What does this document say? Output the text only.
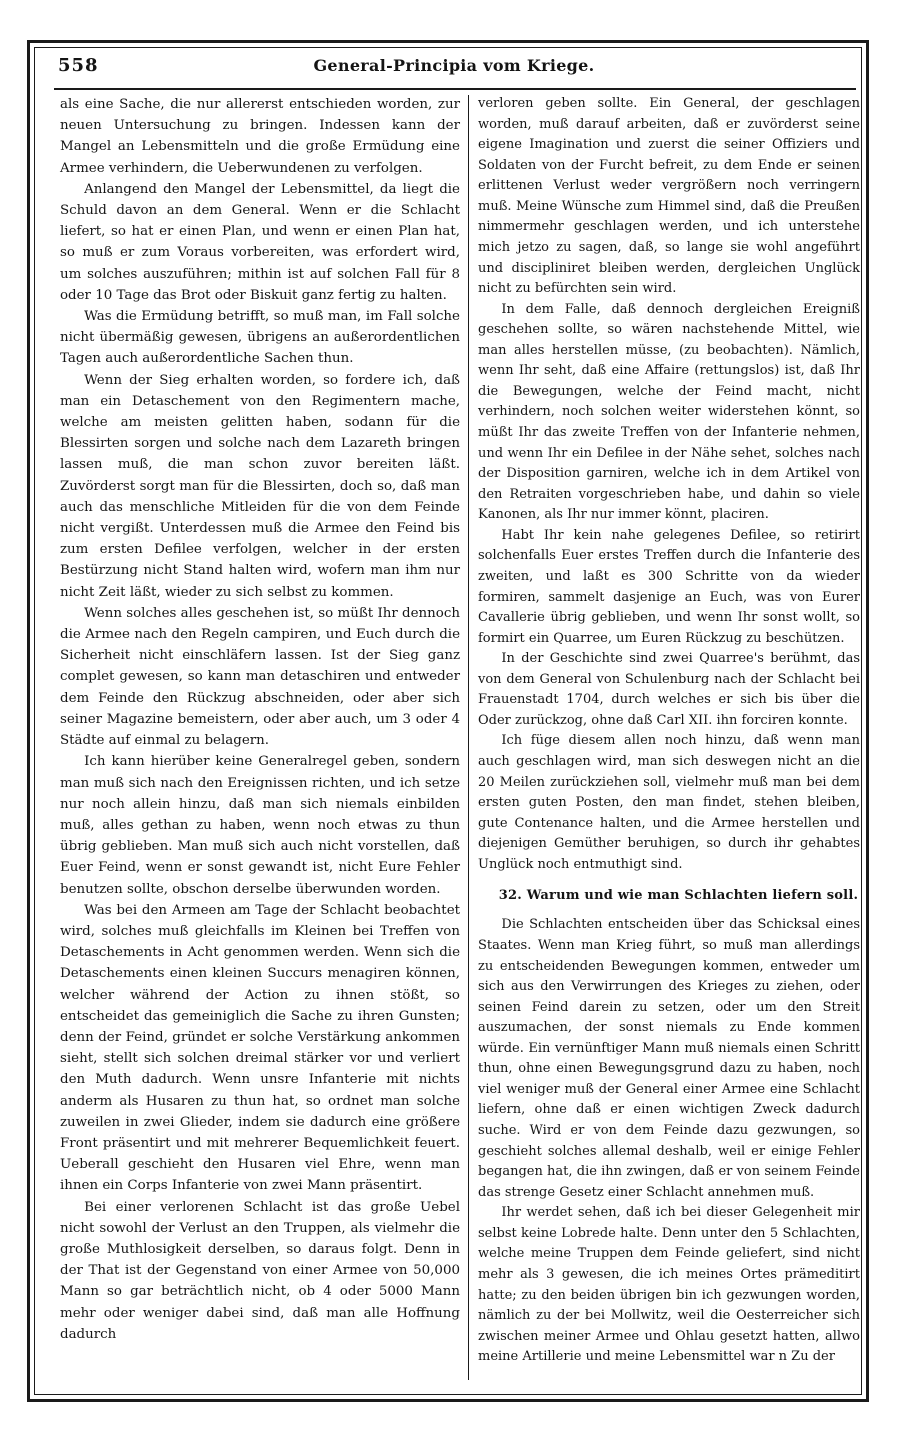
558	General-Principia vom Kriege.

als eine Sache, die nur allererst entschieden worden, zur neuen Untersuchung zu bringen. Indessen kann der Mangel an Lebensmitteln und die große Ermüdung eine Armee verhindern, die Ueberwundenen zu verfolgen.

Anlangend den Mangel der Lebensmittel, da liegt die Schuld davon an dem General. Wenn er die Schlacht liefert, so hat er einen Plan, und wenn er einen Plan hat, so muß er zum Voraus vorbereiten, was erfordert wird, um solches auszuführen; mithin ist auf solchen Fall für 8 oder 10 Tage das Brot oder Biskuit ganz fertig zu halten.

Was die Ermüdung betrifft, so muß man, im Fall solche nicht übermäßig gewesen, übrigens an außerordentlichen Tagen auch außerordentliche Sachen thun.

Wenn der Sieg erhalten worden, so fordere ich, daß man ein Detaschement von den Regimentern mache, welche am meisten gelitten haben, sodann für die Blessirten sorgen und solche nach dem Lazareth bringen lassen muß, die man schon zuvor bereiten läßt. Zuvörderst sorgt man für die Blessirten, doch so, daß man auch das menschliche Mitleiden für die von dem Feinde nicht vergißt. Unterdessen muß die Armee den Feind bis zum ersten Defilee verfolgen, welcher in der ersten Bestürzung nicht Stand halten wird, wofern man ihm nur nicht Zeit läßt, wieder zu sich selbst zu kommen.

Wenn solches alles geschehen ist, so müßt Ihr dennoch die Armee nach den Regeln campiren, und Euch durch die Sicherheit nicht einschläfern lassen. Ist der Sieg ganz complet gewesen, so kann man detaschiren und entweder dem Feinde den Rückzug abschneiden, oder aber sich seiner Magazine bemeistern, oder aber auch, um 3 oder 4 Städte auf einmal zu belagern.

Ich kann hierüber keine Generalregel geben, sondern man muß sich nach den Ereignissen richten, und ich setze nur noch allein hinzu, daß man sich niemals einbilden muß, alles gethan zu haben, wenn noch etwas zu thun übrig geblieben. Man muß sich auch nicht vorstellen, daß Euer Feind, wenn er sonst gewandt ist, nicht Eure Fehler benutzen sollte, obschon derselbe überwunden worden.

Was bei den Armeen am Tage der Schlacht beobachtet wird, solches muß gleichfalls im Kleinen bei Treffen von Detaschements in Acht genommen werden. Wenn sich die Detaschements einen kleinen Succurs menagiren können, welcher während der Action zu ihnen stößt, so entscheidet das gemeiniglich die Sache zu ihren Gunsten; denn der Feind, gründet er solche Verstärkung ankommen sieht, stellt sich solchen dreimal stärker vor und verliert den Muth dadurch. Wenn unsre Infanterie mit nichts anderm als Husaren zu thun hat, so ordnet man solche zuweilen in zwei Glieder, indem sie dadurch eine größere Front präsentirt und mit mehrerer Bequemlichkeit feuert. Ueberall geschieht den Husaren viel Ehre, wenn man ihnen ein Corps Infanterie von zwei Mann präsentirt.

Bei einer verlorenen Schlacht ist das große Uebel nicht sowohl der Verlust an den Truppen, als vielmehr die große Muthlosigkeit derselben, so daraus folgt. Denn in der That ist der Gegenstand von einer Armee von 50,000 Mann so gar beträchtlich nicht, ob 4 oder 5000 Mann mehr oder weniger dabei sind, daß man alle Hoffnung dadurch

verloren geben sollte. Ein General, der geschlagen worden, muß darauf arbeiten, daß er zuvörderst seine eigene Imagination und zuerst die seiner Offiziers und Soldaten von der Furcht befreit, zu dem Ende er seinen erlittenen Verlust weder vergrößern noch verringern muß. Meine Wünsche zum Himmel sind, daß die Preußen nimmermehr geschlagen werden, und ich unterstehe mich jetzo zu sagen, daß, so lange sie wohl angeführt und discipliniret bleiben werden, dergleichen Unglück nicht zu befürchten sein wird.

In dem Falle, daß dennoch dergleichen Ereigniß geschehen sollte, so wären nachstehende Mittel, wie man alles herstellen müsse, (zu beobachten). Nämlich, wenn Ihr seht, daß eine Affaire (rettungslos) ist, daß Ihr die Bewegungen, welche der Feind macht, nicht verhindern, noch solchen weiter widerstehen könnt, so müßt Ihr das zweite Treffen von der Infanterie nehmen, und wenn Ihr ein Defilee in der Nähe sehet, solches nach der Disposition garniren, welche ich in dem Artikel von den Retraiten vorgeschrieben habe, und dahin so viele Kanonen, als Ihr nur immer könnt, placiren.

Habt Ihr kein nahe gelegenes Defilee, so retirirt solchenfalls Euer erstes Treffen durch die Infanterie des zweiten, und laßt es 300 Schritte von da wieder formiren, sammelt dasjenige an Euch, was von Eurer Cavallerie übrig geblieben, und wenn Ihr sonst wollt, so formirt ein Quarree, um Euren Rückzug zu beschützen.

In der Geschichte sind zwei Quarree's berühmt, das von dem General von Schulenburg nach der Schlacht bei Frauenstadt 1704, durch welches er sich bis über die Oder zurückzog, ohne daß Carl XII. ihn forciren konnte.

Ich füge diesem allen noch hinzu, daß wenn man auch geschlagen wird, man sich deswegen nicht an die 20 Meilen zurückziehen soll, vielmehr muß man bei dem ersten guten Posten, den man findet, stehen bleiben, gute Contenance halten, und die Armee herstellen und diejenigen Gemüther beruhigen, so durch ihr gehabtes Unglück noch entmuthigt sind.

32. Warum und wie man Schlachten liefern soll.

Die Schlachten entscheiden über das Schicksal eines Staates. Wenn man Krieg führt, so muß man allerdings zu entscheidenden Bewegungen kommen, entweder um sich aus den Verwirrungen des Krieges zu ziehen, oder seinen Feind darein zu setzen, oder um den Streit auszumachen, der sonst niemals zu Ende kommen würde. Ein vernünftiger Mann muß niemals einen Schritt thun, ohne einen Bewegungsgrund dazu zu haben, noch viel weniger muß der General einer Armee eine Schlacht liefern, ohne daß er einen wichtigen Zweck dadurch suche. Wird er von dem Feinde dazu gezwungen, so geschieht solches allemal deshalb, weil er einige Fehler begangen hat, die ihn zwingen, daß er von seinem Feinde das strenge Gesetz einer Schlacht annehmen muß.

Ihr werdet sehen, daß ich bei dieser Gelegenheit mir selbst keine Lobrede halte. Denn unter den 5 Schlachten, welche meine Truppen dem Feinde geliefert, sind nicht mehr als 3 gewesen, die ich meines Ortes prämeditirt hatte; zu den beiden übrigen bin ich gezwungen worden, nämlich zu der bei Mollwitz, weil die Oesterreicher sich zwischen meiner Armee und Ohlau gesetzt hatten, allwo meine Artillerie und meine Lebensmittel war n Zu der
